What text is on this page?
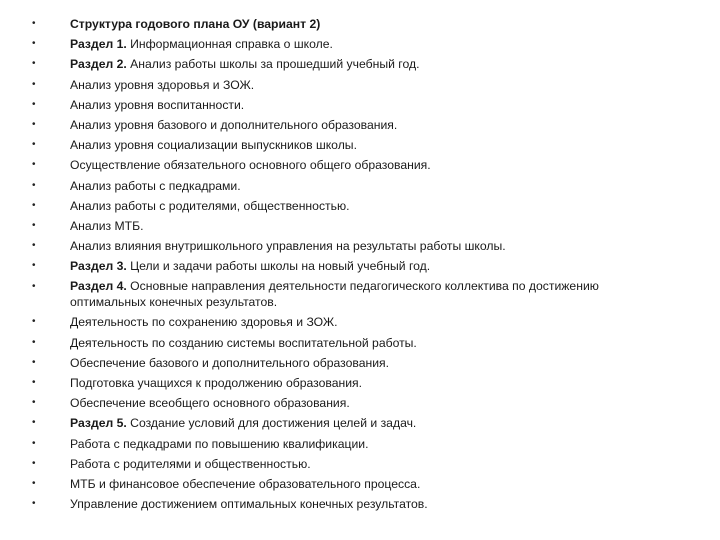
•	Структура годового плана ОУ (вариант 2)
•	Раздел 1. Информационная справка о школе.
•	Раздел 2. Анализ работы школы за прошедший учебный год.
•	Анализ уровня здоровья и ЗОЖ.
•	Анализ уровня воспитанности.
•	Анализ уровня базового и дополнительного образования.
•	Анализ уровня социализации выпускников школы.
•	Осуществление обязательного основного общего образования.
•	Анализ работы с педкадрами.
•	Анализ работы с родителями, общественностью.
•	Анализ МТБ.
•	Анализ влияния внутришкольного управления на результаты работы школы.
•	Раздел 3. Цели и задачи работы школы на новый учебный год.
•	Раздел 4. Основные направления деятельности педагогического коллектива по достижению оптимальных конечных результатов.
•	Деятельность по сохранению здоровья и ЗОЖ.
•	Деятельность по созданию системы воспитательной работы.
•	Обеспечение базового и дополнительного образования.
•	Подготовка учащихся к продолжению образования.
•	Обеспечение всеобщего основного образования.
•	Раздел 5. Создание условий для достижения целей и задач.
•	Работа с педкадрами по повышению квалификации.
•	Работа с родителями и общественностью.
•	МТБ и финансовое обеспечение образовательного процесса.
•	Управление достижением оптимальных конечных результатов.
